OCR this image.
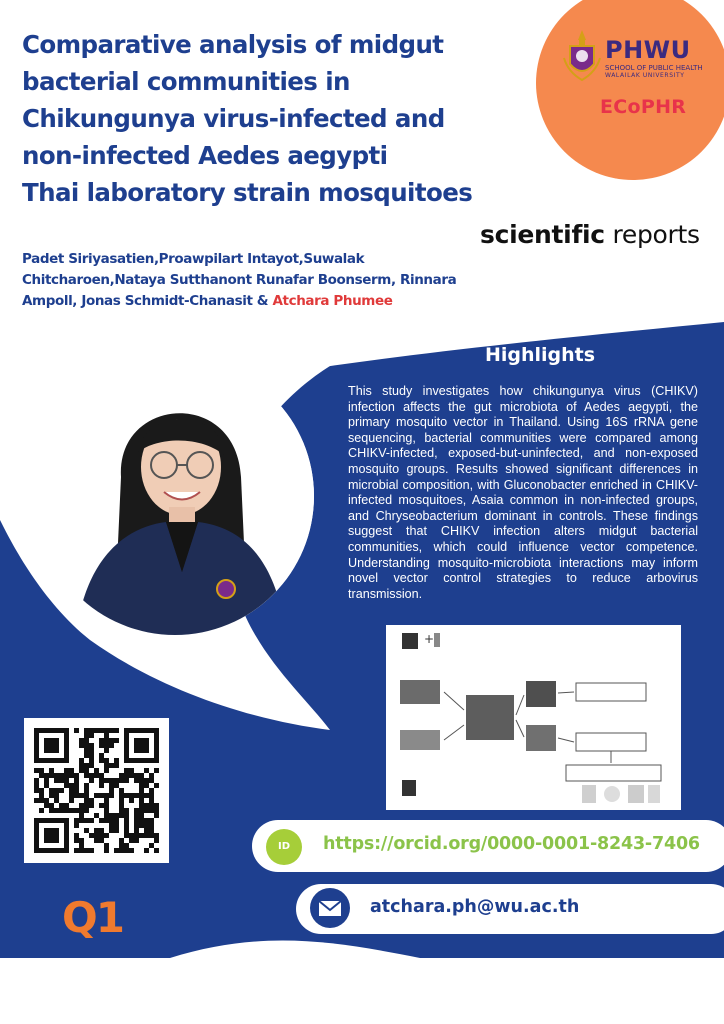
Comparative analysis of midgut
bacterial communities in
Chikungunya virus-infected and
non-infected Aedes aegypti
Thai laboratory strain mosquitoes
PHWU
SCHOOL OF PUBLIC HEALTH
WALAILAK UNIVERSITY
ECoPHR
scientific reports

Padet Siriyasatien,Proawpilart Intayot,Suwalak
Chitcharoen,Nataya Sutthanont Runafar Boonserm, Rinnara
Ampoll, Jonas Schmidt-Chanasit & Atchara Phumee

Highlights

This study investigates how chikungunya virus (CHIKV) infection affects the gut microbiota of Aedes aegypti, the primary mosquito vector in Thailand. Using 16S rRNA gene sequencing, bacterial communities were compared among CHIKV-infected, exposed-but-uninfected, and non-exposed mosquito groups. Results showed significant differences in microbial composition, with Gluconobacter enriched in CHIKV-infected mosquitoes, Asaia common in non-infected groups, and Chryseobacterium dominant in controls. These findings suggest that CHIKV infection alters midgut bacterial communities, which could influence vector competence. Understanding mosquito-microbiota interactions may inform novel vector control strategies to reduce arbovirus transmission.

+
Q1
ID	https://orcid.org/0000-0001-8243-7406
atchara.ph@wu.ac.th
